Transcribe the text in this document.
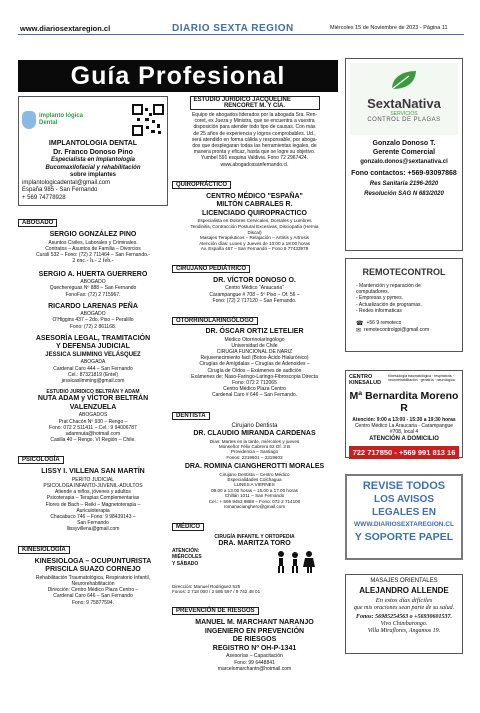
www.diariosextaregion.cl	DIARIO SEXTA REGION	Miércoles 15 de Noviembre de 2023 - Página 11
Guía Profesional
implanto lógica Dental
IMPLANTOLOGIA DENTAL
Dr. Franco Donoso Pino
Especialista en Implantología
Bucomaxilofacial y rehabilitación
sobre implantes
implantologicadental@gmail.com
España 985 - San Fernando
+ 569 74778928
ABOGADO
SERGIO GONZÁLEZ PINO
Asuntos Civiles, Laborales y Criminales.
Contratos – Asuntos de Familia – Divorcios
Curalí 532 – Fono: (72) 2 711464 – San Fernando.-
2 enc.- h.- 2 feb.-
SERGIO A. HUERTA GUERRERO
ABOGADO
Quechereguas Nº 888 – San Fernando
FonoFax: (72) 2 715967.
RICARDO LARENAS PEÑA
ABOGADO
O'Higgins 437 – 2do. Piso – Peralillo
Fono: (72) 2 861168.
ASESORÍA LEGAL, TRAMITACIÓN
Y DEFENSA JUDICIAL
JESSICA SLIMMING VELÁSQUEZ
ABOGADA
Cardenal Caro 444 – San Fernando
Cel.: 87321819 (Entel)
jessicaslimming@gmail.com
ESTUDIO JURIDICO BELTRÁN Y ADAM
NUTA ADAM y VÍCTOR BELTRÁN
VALENZUELA
ABOGADOS
Prat Chacón Nº 930 – Rengo –
Fono: 072 2 511411 – Cel.: 9 94006787
adamnuta@hotmail.com
Casilla 40 – Rengo. VI Región – Chile.
PSICOLOGÍA
LISSY I. VILLENA SAN MARTÍN
PERITO JUDICIAL
PSICOLOGA INFANTO-JUVENIL-ADULTOS
Atiende a niños, jóvenes y adultos
Psicoterapia – Terapias Complementarias
Flores de Bach – Reiki – Magnetoterapia –
Auriculoterapia
Chacabuco 746 – Fono: 9 98439143 –
San Fernando
llissyvillena@gmail.com
KINESIOLOGÍA
KINESIOLOGA – OCUPUNTURISTA
PRISCILA SUAZO CORNEJO
Rehabilitación Traumatológica, Respiratorio Infantil,
Neurorehabilitación
Dirección: Centro Médico Plaza Centro –
Cardenal Caro 646 – San Fernando
Fono: 9 75877594.
ESTUDIO JURIDICO JACQUELINE
RENCORET M. Y CÍA.
Equipo de abogados liderados por la abogada Sra. Ren-
coret, ex Jueza y Ministra, que se encuentra a vuestra
disposición para atender todo tipo de causas. Con más
de 25 años de experiencia y logros comprobables. Ud.,
será atendido en forma cálida y responsable, por abogа-
dos que desplegaran todas las herramientas legales, de
manera pronta y eficaz, hasta que se logre su objetivo.
Yumbel 591 esquina Valdivia. Fono 72 2967424.
www.abogadossanfernando.cl.
QUIROPRÁCTICO
CENTRO MÉDICO "ESPAÑA"
MILTÓN CABRALES R.
LICENCIADO QUIROPRACTICO
Especialista en Dolores Cervicales, Dorsales y Lumbres
Tendinitis, Contracción Postural Excesivas, Disciopatía (Hernia
Discal)
Masajes Terapéuticos – Relajación – Artritis y Artrosis
Atención días: Lunes y Jueves de 10:00 a 18:00 horas
Av. España 467 – San Fernando – Fono 9 77433979
CIRUJANO PEDIÁTRICO
DR. VÍCTOR DONOSO O.
Centro Médico "Araucaria"
Carampangue # 708 – 5º Piso – Of. 56 –
Fono: (72) 2 717120 – San Fernando.
OTORRINOLARINGÓLOGO
DR. ÓSCAR ORTIZ LETELIER
Médico Otorrinolaringólogo
Universidad de Chile
CIRUGIA FUNCIONAL DE NARIZ
Rejuvenecimiento facil (Botox-Ácido Hialurónico)
Cirugías de Amígdalas – Cirugías de Adenoides –
Cirugía de Oídos – Exámenes de audición
Exámenes de: Naso-Faringo-Laringo-Fibroscopia Directa
Fono: 072 2 712065
Centro Médico Plaza Centro
Cardenal Caro # 646 – San Fernando.
DENTISTA
Cirujano Dentista
DR. CLAUDIO MIRANDA CARDENAS
Días: Martes en la tarde, miércoles y jueves
Monseñor Félix Cabrera 62 Of. 3 B
Providencia – Santiago
Fonos: 2319601 – 2319603
DRA. ROMINA CIANGHEROTTI MORALES
Cirujano Dentista – Centro Médico
Especialidades Colchagua
LUNES A VIERNES
09.00 a 13.00 horas – 15.00 a 17.00 horas
Chillán 1011 – San Fernando
Cel.: + 569 9453 9888 – Fono: 072 2 714100
romanacianghero@gmail.com
MÉDICO
CIRUGÍA INFANTIL Y ORTOPEDIA
DRA. MARITZA TORO
ATENCIÓN:
MIÉRCOLES
Y SÁBADO
Dirección: Manuel Rodríguez 525
Fonos: 2 718 000 / 2 585 597 / 9 742 48 01
PREVENCIÓN DE RIESGOS
MANUEL M. MARCHANT NARANJO
INGENIERO EN PREVENCIÓN
DE RIESGOS
REGISTRO Nº OH-P-1341
Asesorías – Capacitación
Fono: 99 6448841
marcelomarchantn@hotmail.com
SextaNativa
SERVICIOS
CONTROL DE PLAGAS
Gonzalo Donoso T.
Gerente Comercial
gonzalo.donos@sextanativa.cl
Fono contactos: +569-93097868
Res Sanitaria 2196-2020
Resolución SAG N 683/2020
REMOTECONTROL
- Mantención y reparación de
computadores.
- Empresas y pymes.
- Actualización de programas.
- Redes informaticas
☎ +56 9 remoteco
✉ remotecontrolgpi@gmail.com
CENTRO KINESALUD
Kinesiología traumatológica · respiratoria · neurorehabilitación · geriatría · neurológica
Mª Bernardita Moreno R
Atención: 9:00 a 13:00 - 15:30 a 19:30 horas
Centro Médico La Araucaria - Carampangue #708, local 4
ATENCIÓN A DOMICILIO
722 717850 - +569 991 813 16
REVISE TODOS
LOS AVISOS LEGALES EN
WWW.DIARIOSEXTAREGION.CL
Y SOPORTE PAPEL
MASAJES ORIENTALES
ALEJANDRO ALLENDE
En estos días difíciles
que mis oraciones sean parte de su salud.
Fonos: 56985254563 o +56930601537.
Vivo Chimbarongo.
Villa Miraflores, Angamos 19.
